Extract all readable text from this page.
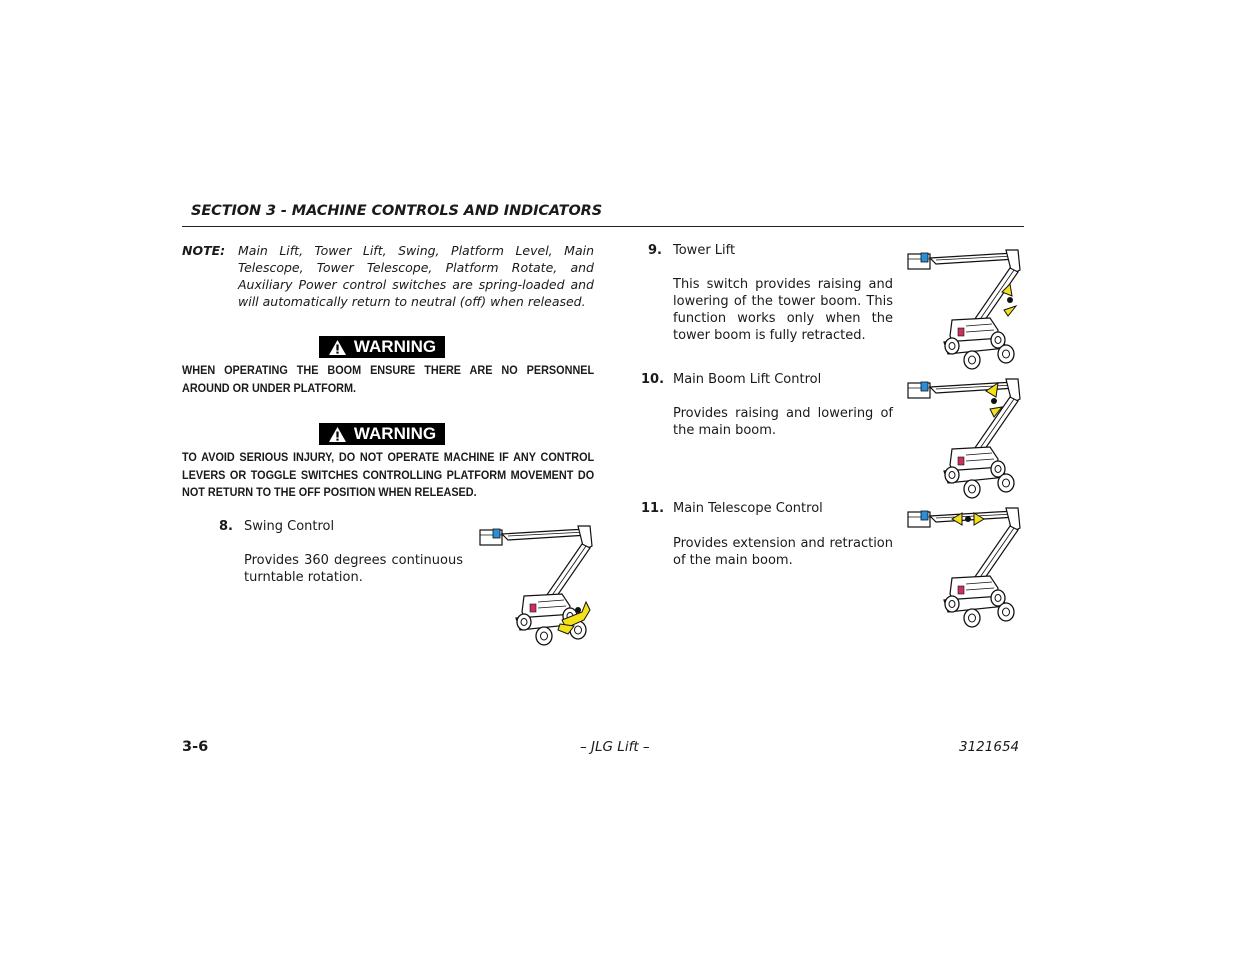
SECTION 3 - MACHINE CONTROLS AND INDICATORS
NOTE: Main Lift, Tower Lift, Swing, Platform Level, Main Telescope, Tower Telescope, Platform Rotate, and Auxiliary Power control switches are spring-loaded and will automatically return to neutral (off) when released.
WARNING
WHEN OPERATING THE BOOM ENSURE THERE ARE NO PERSONNEL AROUND OR UNDER PLATFORM.
WARNING
TO AVOID SERIOUS INJURY, DO NOT OPERATE MACHINE IF ANY CONTROL LEVERS OR TOGGLE SWITCHES CONTROLLING PLATFORM MOVEMENT DO NOT RETURN TO THE OFF POSITION WHEN RELEASED.
8. Swing Control
Provides 360 degrees continuous turntable rotation.
9. Tower Lift
This switch provides raising and lowering of the tower boom. This function works only when the tower boom is fully retracted.
10. Main Boom Lift Control
Provides raising and lowering of the main boom.
11. Main Telescope Control
Provides extension and retraction of the main boom.
3-6	– JLG Lift –	3121654
